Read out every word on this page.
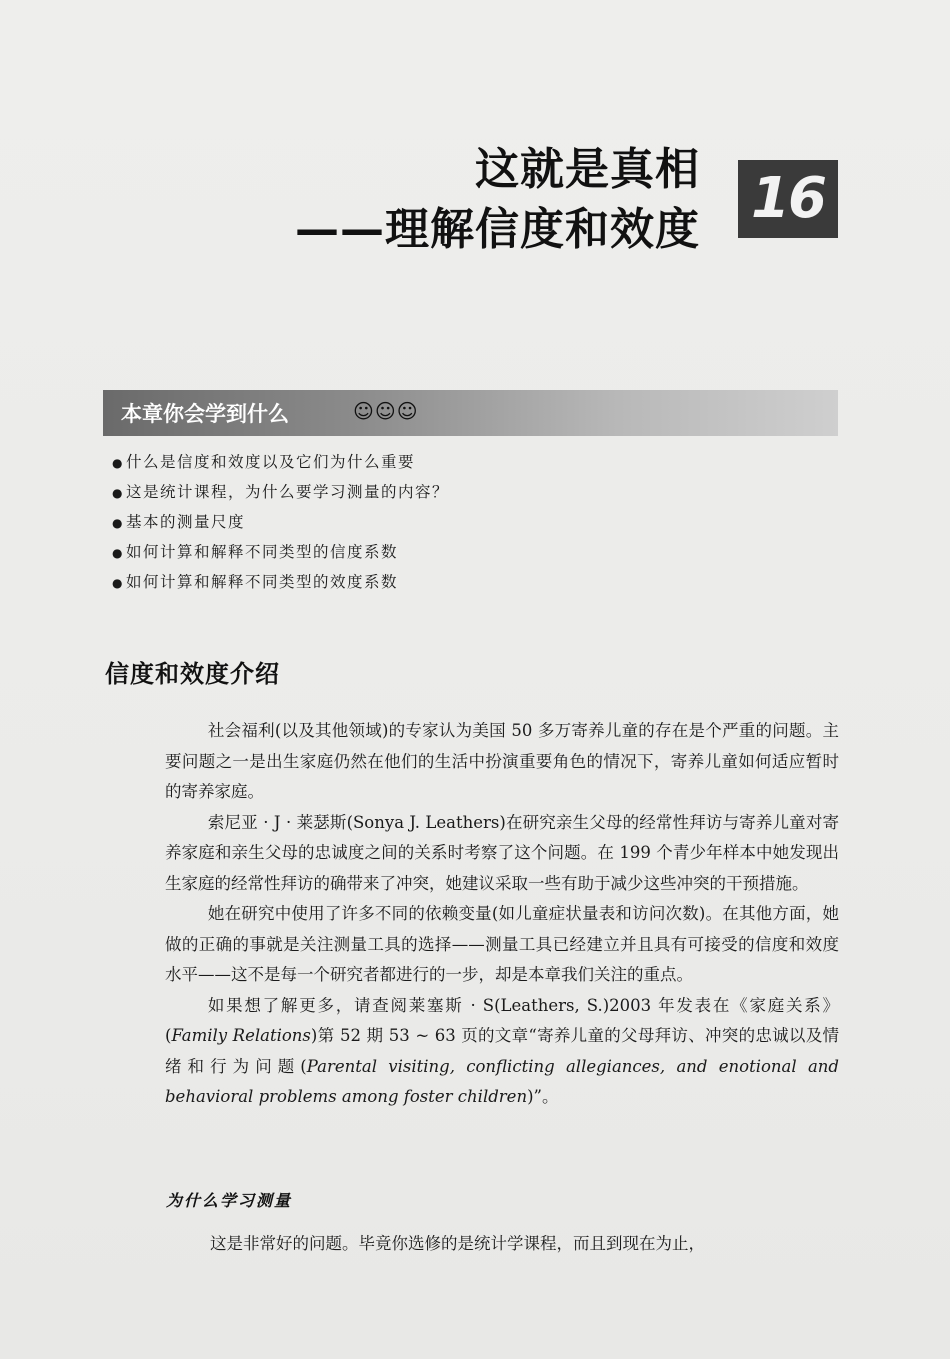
这就是真相
——理解信度和效度 16
本章你会学到什么	☺☺☺
● 什么是信度和效度以及它们为什么重要
● 这是统计课程，为什么要学习测量的内容？
● 基本的测量尺度
● 如何计算和解释不同类型的信度系数
● 如何计算和解释不同类型的效度系数
信度和效度介绍

社会福利(以及其他领域)的专家认为美国 50 多万寄养儿童的存在是个严重的问题。主要问题之一是出生家庭仍然在他们的生活中扮演重要角色的情况下，寄养儿童如何适应暂时的寄养家庭。

索尼亚 · J · 莱瑟斯(Sonya J. Leathers)在研究亲生父母的经常性拜访与寄养儿童对寄养家庭和亲生父母的忠诚度之间的关系时考察了这个问题。在 199 个青少年样本中她发现出生家庭的经常性拜访的确带来了冲突，她建议采取一些有助于减少这些冲突的干预措施。

她在研究中使用了许多不同的依赖变量(如儿童症状量表和访问次数)。在其他方面，她做的正确的事就是关注测量工具的选择——测量工具已经建立并且具有可接受的信度和效度水平——这不是每一个研究者都进行的一步，却是本章我们关注的重点。

如果想了解更多，请查阅莱塞斯 · S(Leathers, S.)2003 年发表在《家庭关系》(Family Relations)第 52 期 53 ~ 63 页的文章“寄养儿童的父母拜访、冲突的忠诚以及情绪和行为问题(Parental visiting, conflicting allegiances, and enotional and behavioral problems among foster children)”。

为什么学习测量
这是非常好的问题。毕竟你选修的是统计学课程，而且到现在为止，
